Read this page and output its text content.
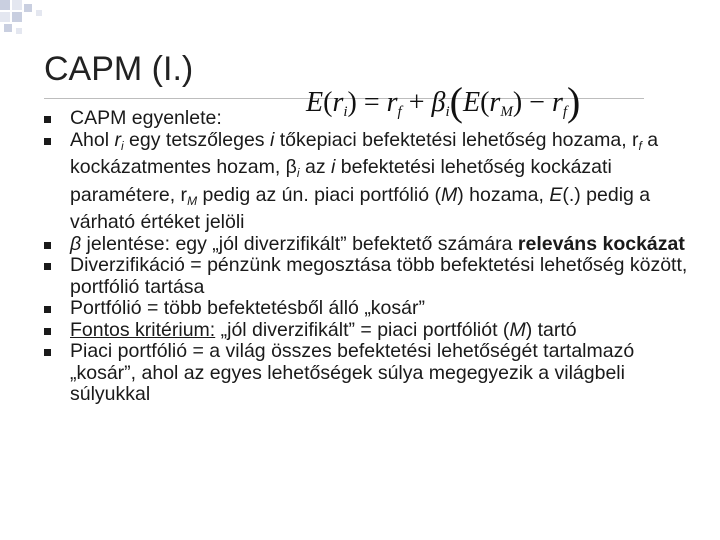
CAPM (I.)
$E(r_i) = r_f + \beta_i(E(r_M) - r_f)$
CAPM egyenlete:
Ahol $r_i$ egy tetszőleges i tőkepiaci befektetési lehetőség hozama, $r_f$ a kockázatmentes hozam, $\beta_i$ az i befektetési lehetőség kockázati paramétere, $r_M$ pedig az ún. piaci portfólió (M) hozama, E(.) pedig a várható értéket jelöli
β jelentése: egy „jól diverzifikált” befektető számára releváns kockázat
Diverzifikáció = pénzünk megosztása több befektetési lehetőség között, portfólió tartása
Portfólió = több befektetésből álló „kosár”
Fontos kritérium: „jól diverzifikált” = piaci portfóliót (M) tartó
Piaci portfólió = a világ összes befektetési lehetőségét tartalmazó „kosár”, ahol az egyes lehetőségek súlya megegyezik a világbeli súlyukkal
